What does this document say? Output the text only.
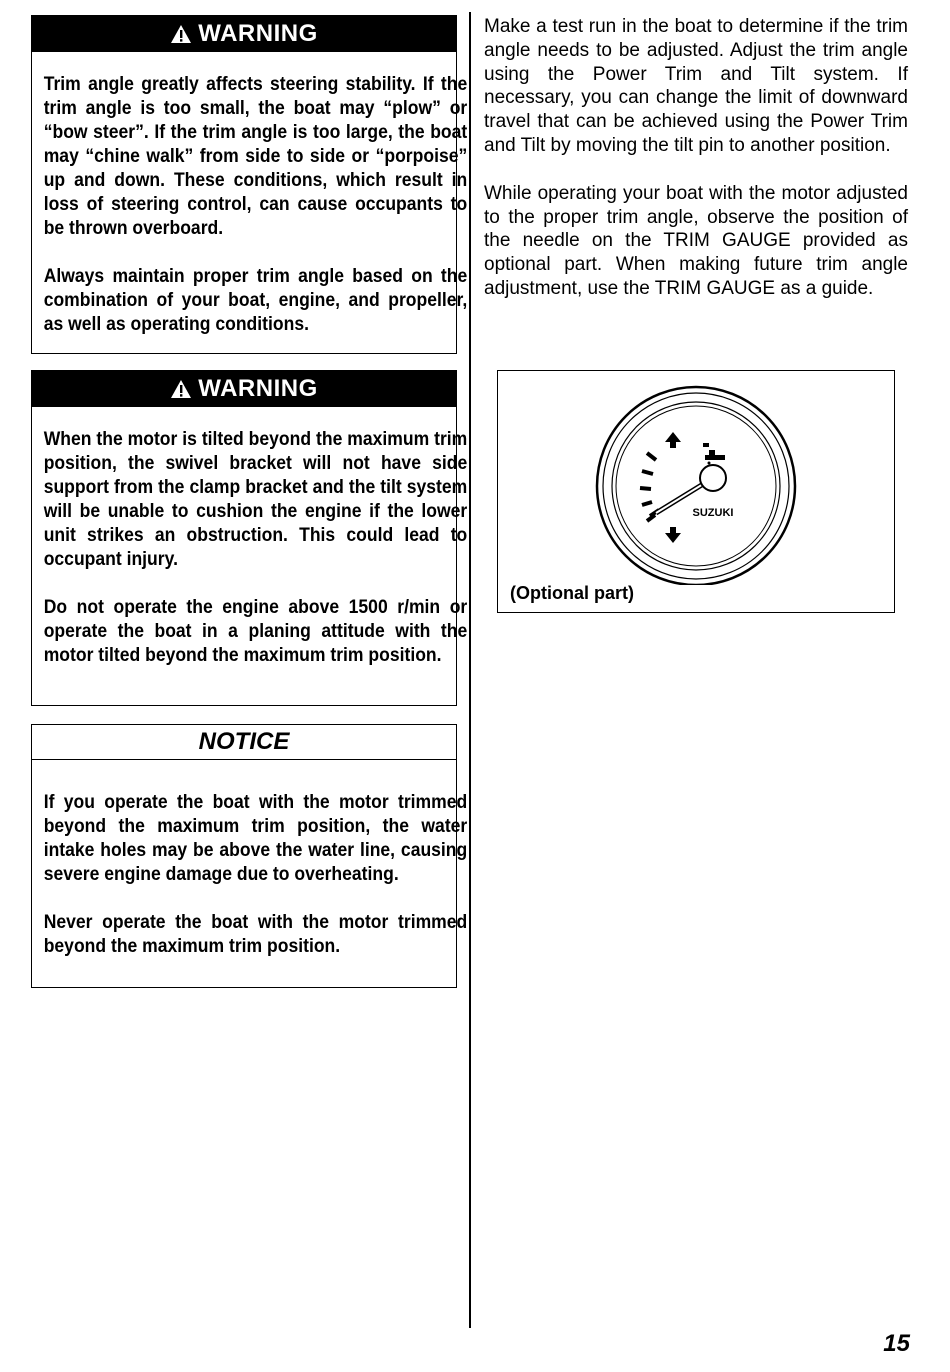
WARNING

Trim angle greatly affects steering stability. If the trim angle is too small, the boat may “plow” or “bow steer”. If the trim angle is too large, the boat may “chine walk” from side to side or “porpoise” up and down. These conditions, which result in loss of steering control, can cause occupants to be thrown overboard.

Always maintain proper trim angle based on the combination of your boat, engine, and propeller, as well as operating conditions.

WARNING

When the motor is tilted beyond the maximum trim position, the swivel bracket will not have side support from the clamp bracket and the tilt system will be unable to cushion the engine if the lower unit strikes an obstruction. This could lead to occupant injury.

Do not operate the engine above 1500 r/min or operate the boat in a planing attitude with the motor tilted beyond the maximum trim position.

NOTICE

If you operate the boat with the motor trimmed beyond the maximum trim position, the water intake holes may be above the water line, causing severe engine damage due to overheating.

Never operate the boat with the motor trimmed beyond the maximum trim position.

Make a test run in the boat to determine if the trim angle needs to be adjusted. Adjust the trim angle using the Power Trim and Tilt system. If necessary, you can change the limit of downward travel that can be achieved using the Power Trim and Tilt by moving the tilt pin to another position.

While operating your boat with the motor adjusted to the proper trim angle, observe the position of the needle on the TRIM GAUGE provided as optional part. When making future trim angle adjustment, use the TRIM GAUGE as a guide.

SUZUKI
(Optional part)
15
